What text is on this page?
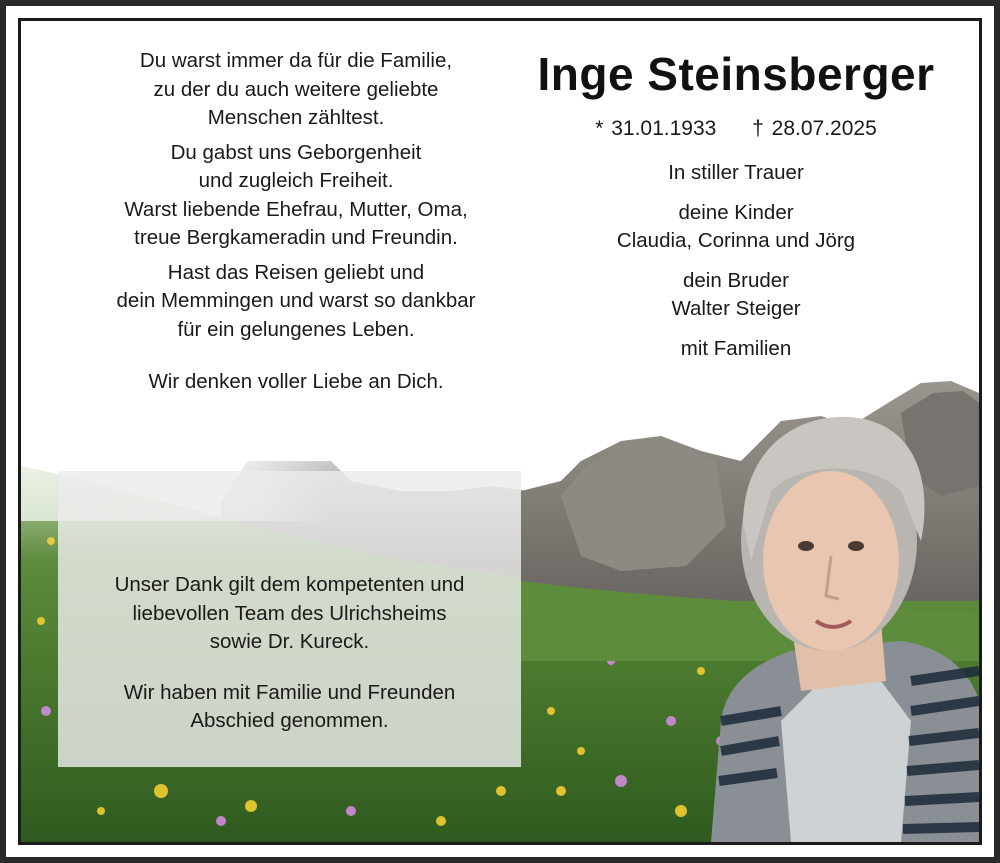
Du warst immer da für die Familie,
zu der du auch weitere geliebte
Menschen zähltest.

Du gabst uns Geborgenheit
und zugleich Freiheit.
Warst liebende Ehefrau, Mutter, Oma,
treue Bergkameradin und Freundin.

Hast das Reisen geliebt und
dein Memmingen und warst so dankbar
für ein gelungenes Leben.

Wir denken voller Liebe an Dich.

Inge Steinsberger
* 31.01.1933 † 28.07.2025

In stiller Trauer

deine Kinder
Claudia, Corinna und Jörg

dein Bruder
Walter Steiger

mit Familien

Unser Dank gilt dem kompetenten und
liebevollen Team des Ulrichsheims
sowie Dr. Kureck.

Wir haben mit Familie und Freunden
Abschied genommen.
